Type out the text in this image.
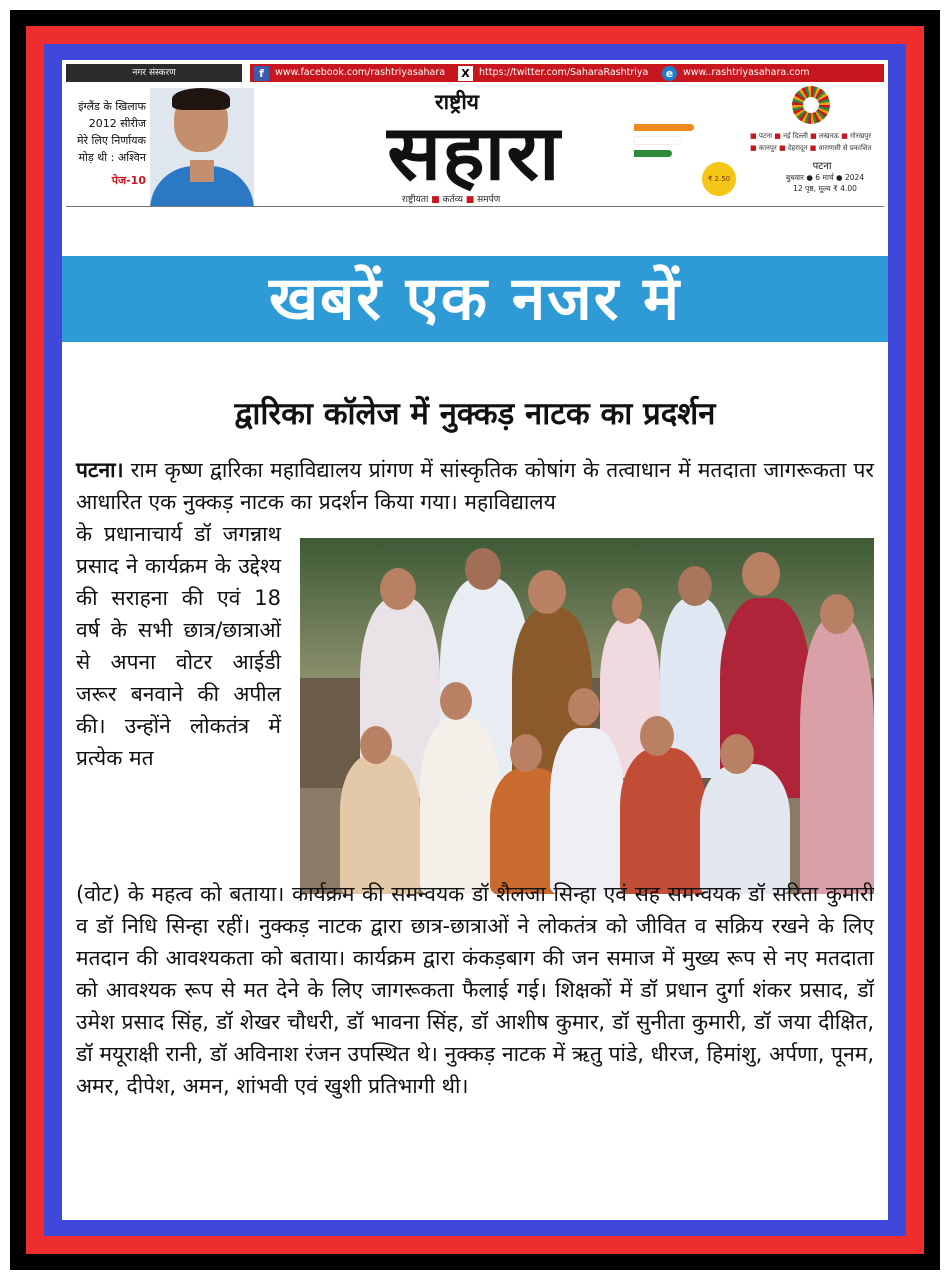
नगर संस्करण	f	www.facebook.com/rashtriyasahara X https://twitter.com/SaharaRashtriya	e	www..rashtriyasahara.com
इंग्लैंड के खिलाफ
2012 सीरीज
मेरे लिए निर्णायक
मोड़ थी : अश्विन
पेज-10
राष्ट्रीय
सहारा
राष्ट्रीयता ■ कर्तव्य ■ समर्पण
■ पटना ■ नई दिल्ली ■ लखनऊ ■ गोरखपुर
■ कानपुर ■ देहरादून ■ वाराणसी से प्रकाशित
₹ 2.50
पटना
बुधवार ● 6 मार्च ● 2024
12 पृष्ठ, मूल्य ₹ 4.00
खबरें एक नजर में
द्वारिका कॉलेज में नुक्कड़ नाटक का प्रदर्शन
पटना। राम कृष्ण द्वारिका महाविद्यालय प्रांगण में सांस्कृतिक कोषांग के तत्वाधान में मतदाता जागरूकता पर आधारित एक नुक्कड़ नाटक का प्रदर्शन किया गया। महाविद्यालय
के प्रधानाचार्य डॉ जगन्नाथ प्रसाद ने कार्यक्रम के उद्देश्य की सराहना की एवं 18 वर्ष के सभी छात्र/छात्राओं से अपना वोटर आईडी जरूर बनवाने की अपील की। उन्होंने लोकतंत्र में प्रत्येक मत
(वोट) के महत्व को बताया। कार्यक्रम की समन्वयक डॉ शैलजा सिन्हा एवं सह समन्वयक डॉ सरिता कुमारी व डॉ निधि सिन्हा रहीं। नुक्कड़ नाटक द्वारा छात्र-छात्राओं ने लोकतंत्र को जीवित व सक्रिय रखने के लिए मतदान की आवश्यकता को बताया। कार्यक्रम द्वारा कंकड़बाग की जन समाज में मुख्य रूप से नए मतदाता को आवश्यक रूप से मत देने के लिए जागरूकता फैलाई गई। शिक्षकों में डॉ प्रधान दुर्गा शंकर प्रसाद, डॉ उमेश प्रसाद सिंह, डॉ शेखर चौधरी, डॉ भावना सिंह, डॉ आशीष कुमार, डॉ सुनीता कुमारी, डॉ जया दीक्षित, डॉ मयूराक्षी रानी, डॉ अविनाश रंजन उपस्थित थे। नुक्कड़ नाटक में ऋतु पांडे, धीरज, हिमांशु, अर्पणा, पूनम, अमर, दीपेश, अमन, शांभवी एवं खुशी प्रतिभागी थी।
